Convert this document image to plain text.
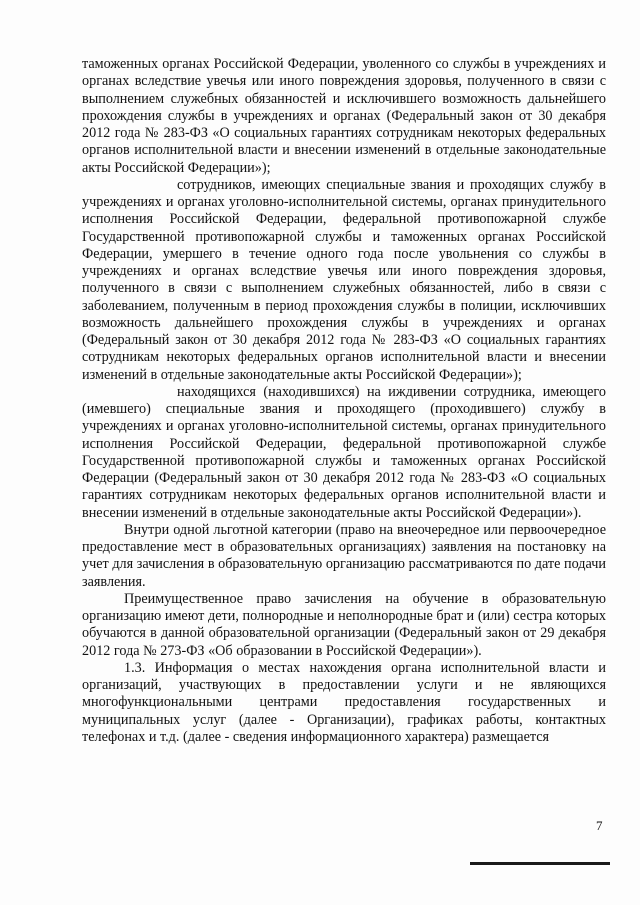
таможенных органах Российской Федерации, уволенного со службы в учреждениях и органах вследствие увечья или иного повреждения здоровья, полученного в связи с выполнением служебных обязанностей и исключившего возможность дальнейшего прохождения службы в учреждениях и органах (Федеральный закон от 30 декабря 2012 года № 283-ФЗ «О социальных гарантиях сотрудникам некоторых федеральных органов исполнительной власти и внесении изменений в отдельные законодательные акты Российской Федерации»);

сотрудников, имеющих специальные звания и проходящих службу в учреждениях и органах уголовно-исполнительной системы, органах принудительного исполнения Российской Федерации, федеральной противопожарной службе Государственной противопожарной службы и таможенных органах Российской Федерации, умершего в течение одного года после увольнения со службы в учреждениях и органах вследствие увечья или иного повреждения здоровья, полученного в связи с выполнением служебных обязанностей, либо в связи с заболеванием, полученным в период прохождения службы в полиции, исключивших возможность дальнейшего прохождения службы в учреждениях и органах (Федеральный закон от 30 декабря 2012 года № 283-ФЗ «О социальных гарантиях сотрудникам некоторых федеральных органов исполнительной власти и внесении изменений в отдельные законодательные акты Российской Федерации»);

находящихся (находившихся) на иждивении сотрудника, имеющего (имевшего) специальные звания и проходящего (проходившего) службу в учреждениях и органах уголовно-исполнительной системы, органах принудительного исполнения Российской Федерации, федеральной противопожарной службе Государственной противопожарной службы и таможенных органах Российской Федерации (Федеральный закон от 30 декабря 2012 года № 283-ФЗ «О социальных гарантиях сотрудникам некоторых федеральных органов исполнительной власти и внесении изменений в отдельные законодательные акты Российской Федерации»).

Внутри одной льготной категории (право на внеочередное или первоочередное предоставление мест в образовательных организациях) заявления на постановку на учет для зачисления в образовательную организацию рассматриваются по дате подачи заявления.

Преимущественное право зачисления на обучение в образовательную организацию имеют дети, полнородные и неполнородные брат и (или) сестра которых обучаются в данной образовательной организации (Федеральный закон от 29 декабря 2012 года № 273-ФЗ «Об образовании в Российской Федерации»).

1.3. Информация о местах нахождения органа исполнительной власти и организаций, участвующих в предоставлении услуги и не являющихся многофункциональными центрами предоставления государственных и муниципальных услуг (далее - Организации), графиках работы, контактных телефонах и т.д. (далее - сведения информационного характера) размещается

7
